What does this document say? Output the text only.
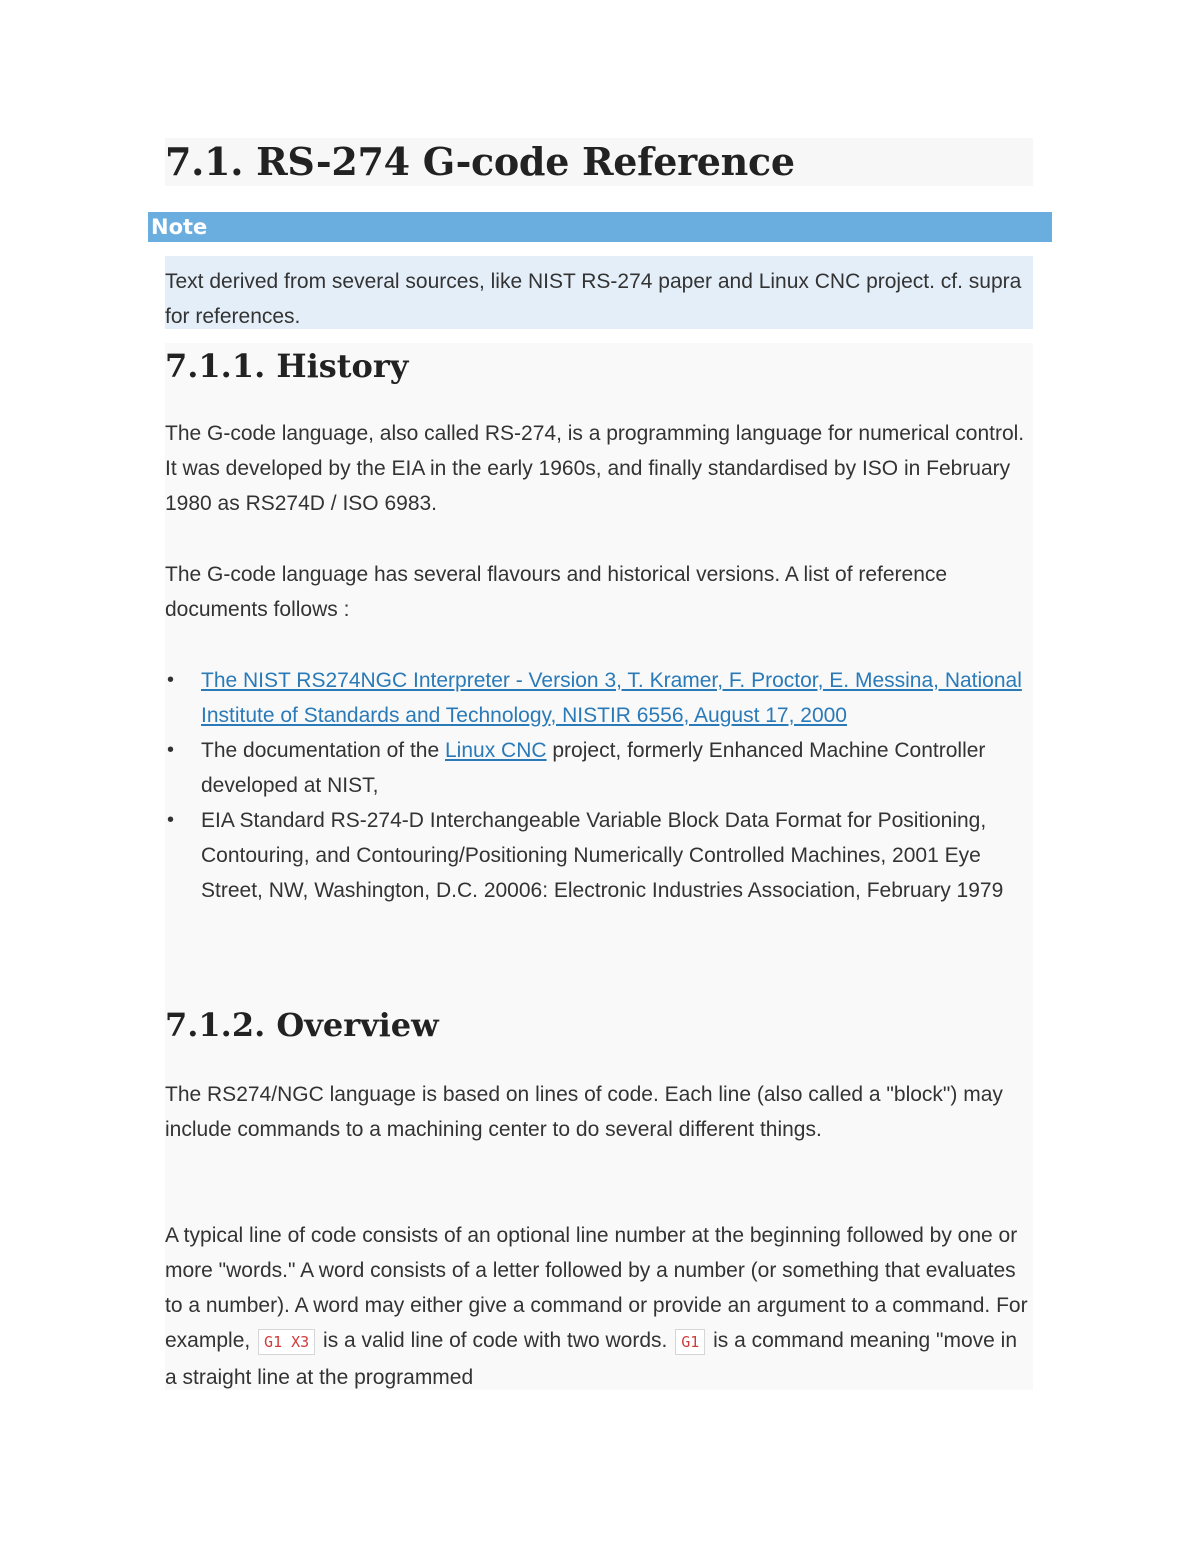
7.1. RS-274 G-code Reference
Note

Text derived from several sources, like NIST RS-274 paper and Linux CNC project. cf. supra for references.

7.1.1. History

The G-code language, also called RS-274, is a programming language for numerical control. It was developed by the EIA in the early 1960s, and finally standardised by ISO in February 1980 as RS274D / ISO 6983.

The G-code language has several flavours and historical versions. A list of reference documents follows :

• The NIST RS274NGC Interpreter - Version 3, T. Kramer, F. Proctor, E. Messina, National Institute of Standards and Technology, NISTIR 6556, August 17, 2000
• The documentation of the Linux CNC project, formerly Enhanced Machine Controller developed at NIST,
• EIA Standard RS-274-D Interchangeable Variable Block Data Format for Positioning, Contouring, and Contouring/Positioning Numerically Controlled Machines, 2001 Eye Street, NW, Washington, D.C. 20006: Electronic Industries Association, February 1979
7.1.2. Overview

The RS274/NGC language is based on lines of code. Each line (also called a "block") may include commands to a machining center to do several different things.

A typical line of code consists of an optional line number at the beginning followed by one or more "words." A word consists of a letter followed by a number (or something that evaluates to a number). A word may either give a command or provide an argument to a command. For example, G1 X3 is a valid line of code with two words. G1 is a command meaning "move in a straight line at the programmed
